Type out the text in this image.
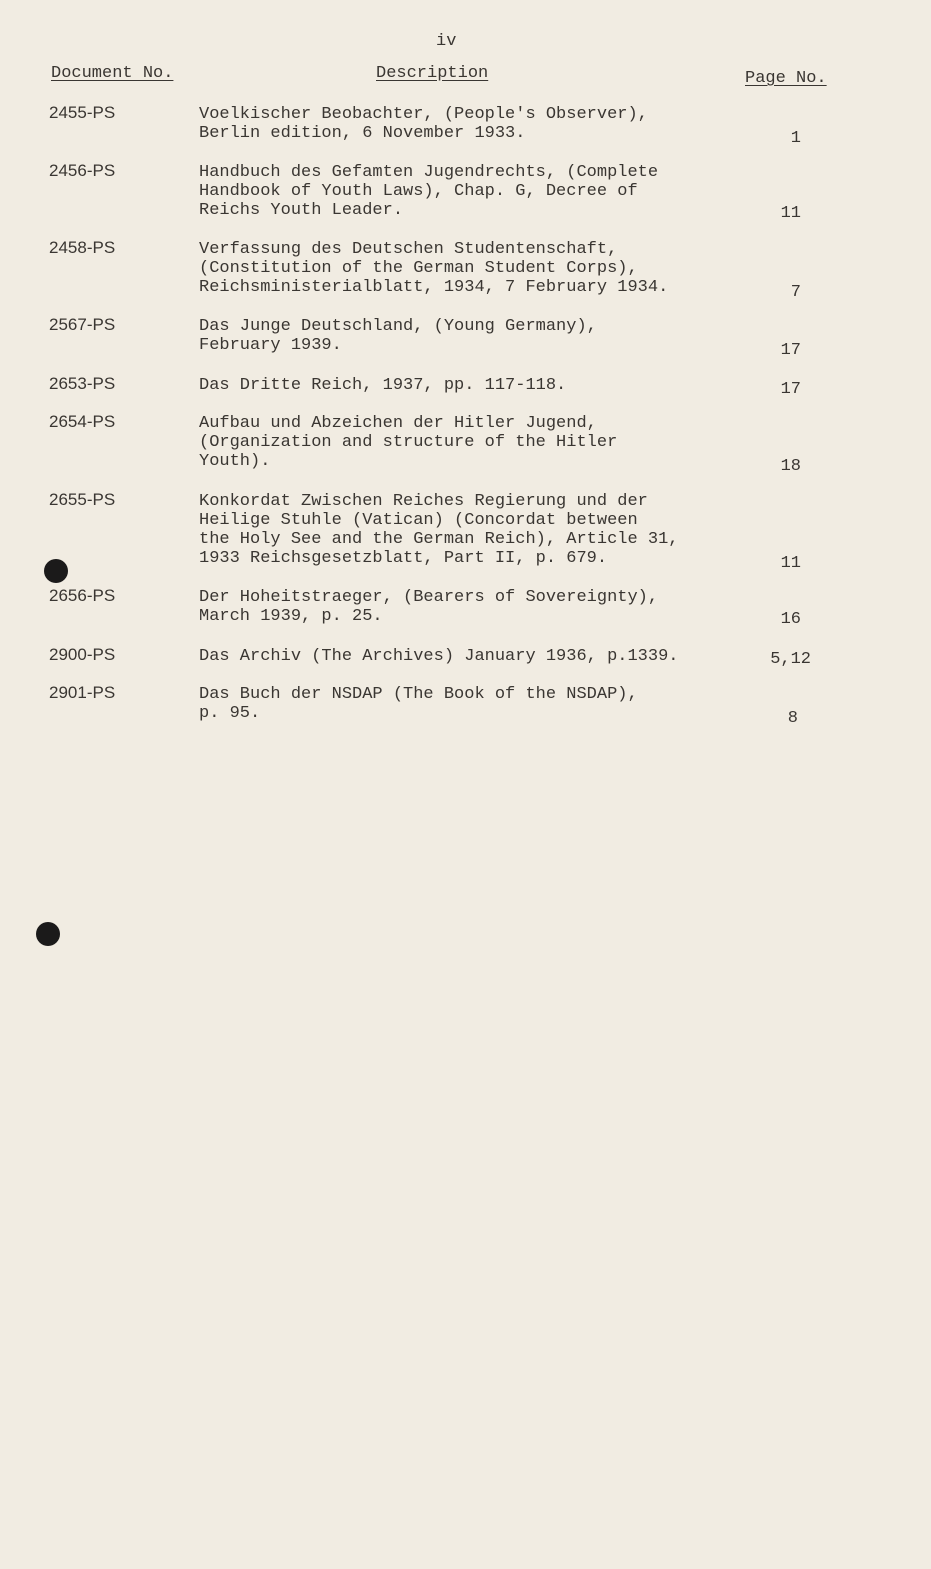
iv
Document No.	Description	Page No.
2455-PS	Voelkischer Beobachter, (People's Observer),
Berlin edition, 6 November 1933.	1
2456-PS	Handbuch des Gefamten Jugendrechts, (Complete
Handbook of Youth Laws), Chap. G, Decree of
Reichs Youth Leader.	11
2458-PS	Verfassung des Deutschen Studentenschaft,
(Constitution of the German Student Corps),
Reichsministerialblatt, 1934, 7 February 1934.	7
2567-PS	Das Junge Deutschland, (Young Germany),
February 1939.	17
2653-PS	Das Dritte Reich, 1937, pp. 117-118.	17
2654-PS	Aufbau und Abzeichen der Hitler Jugend,
(Organization and structure of the Hitler
Youth).	18
2655-PS	Konkordat Zwischen Reiches Regierung und der
Heilige Stuhle (Vatican) (Concordat between
the Holy See and the German Reich), Article 31,
1933 Reichsgesetzblatt, Part II, p. 679.	11
2656-PS	Der Hoheitstraeger, (Bearers of Sovereignty),
March 1939, p. 25.	16
2900-PS	Das Archiv (The Archives) January 1936, p.1339.	5,12
2901-PS	Das Buch der NSDAP (The Book of the NSDAP),
p. 95.	8
